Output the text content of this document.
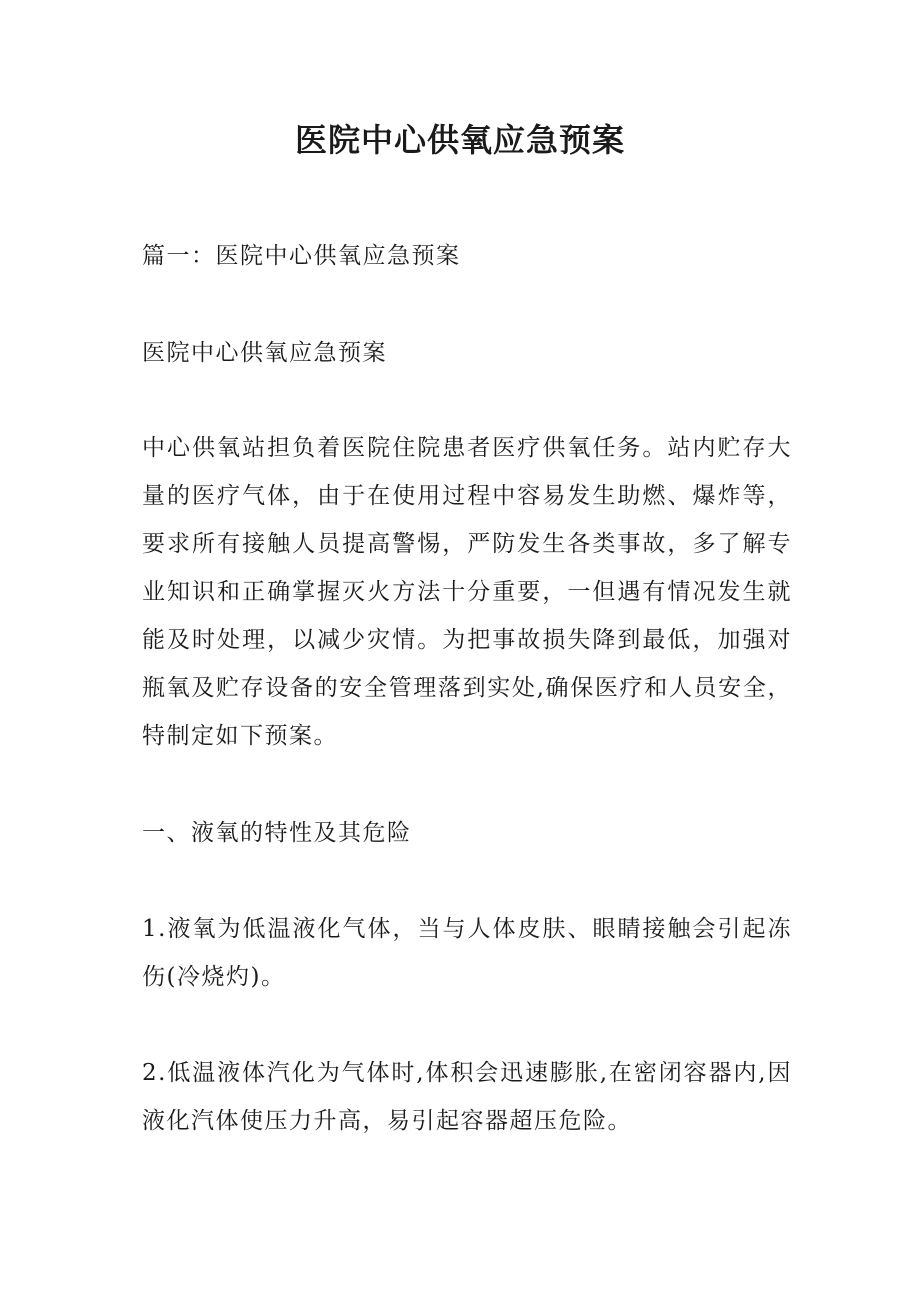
医院中心供氧应急预案

篇一：医院中心供氧应急预案

医院中心供氧应急预案

中心供氧站担负着医院住院患者医疗供氧任务。站内贮存大量的医疗气体，由于在使用过程中容易发生助燃、爆炸等，要求所有接触人员提高警惕，严防发生各类事故，多了解专业知识和正确掌握灭火方法十分重要，一但遇有情况发生就能及时处理，以减少灾情。为把事故损失降到最低，加强对瓶氧及贮存设备的安全管理落到实处,确保医疗和人员安全，特制定如下预案。

一、液氧的特性及其危险

1.液氧为低温液化气体，当与人体皮肤、眼睛接触会引起冻伤(冷烧灼)。

2.低温液体汽化为气体时,体积会迅速膨胀,在密闭容器内,因液化汽体使压力升高，易引起容器超压危险。
